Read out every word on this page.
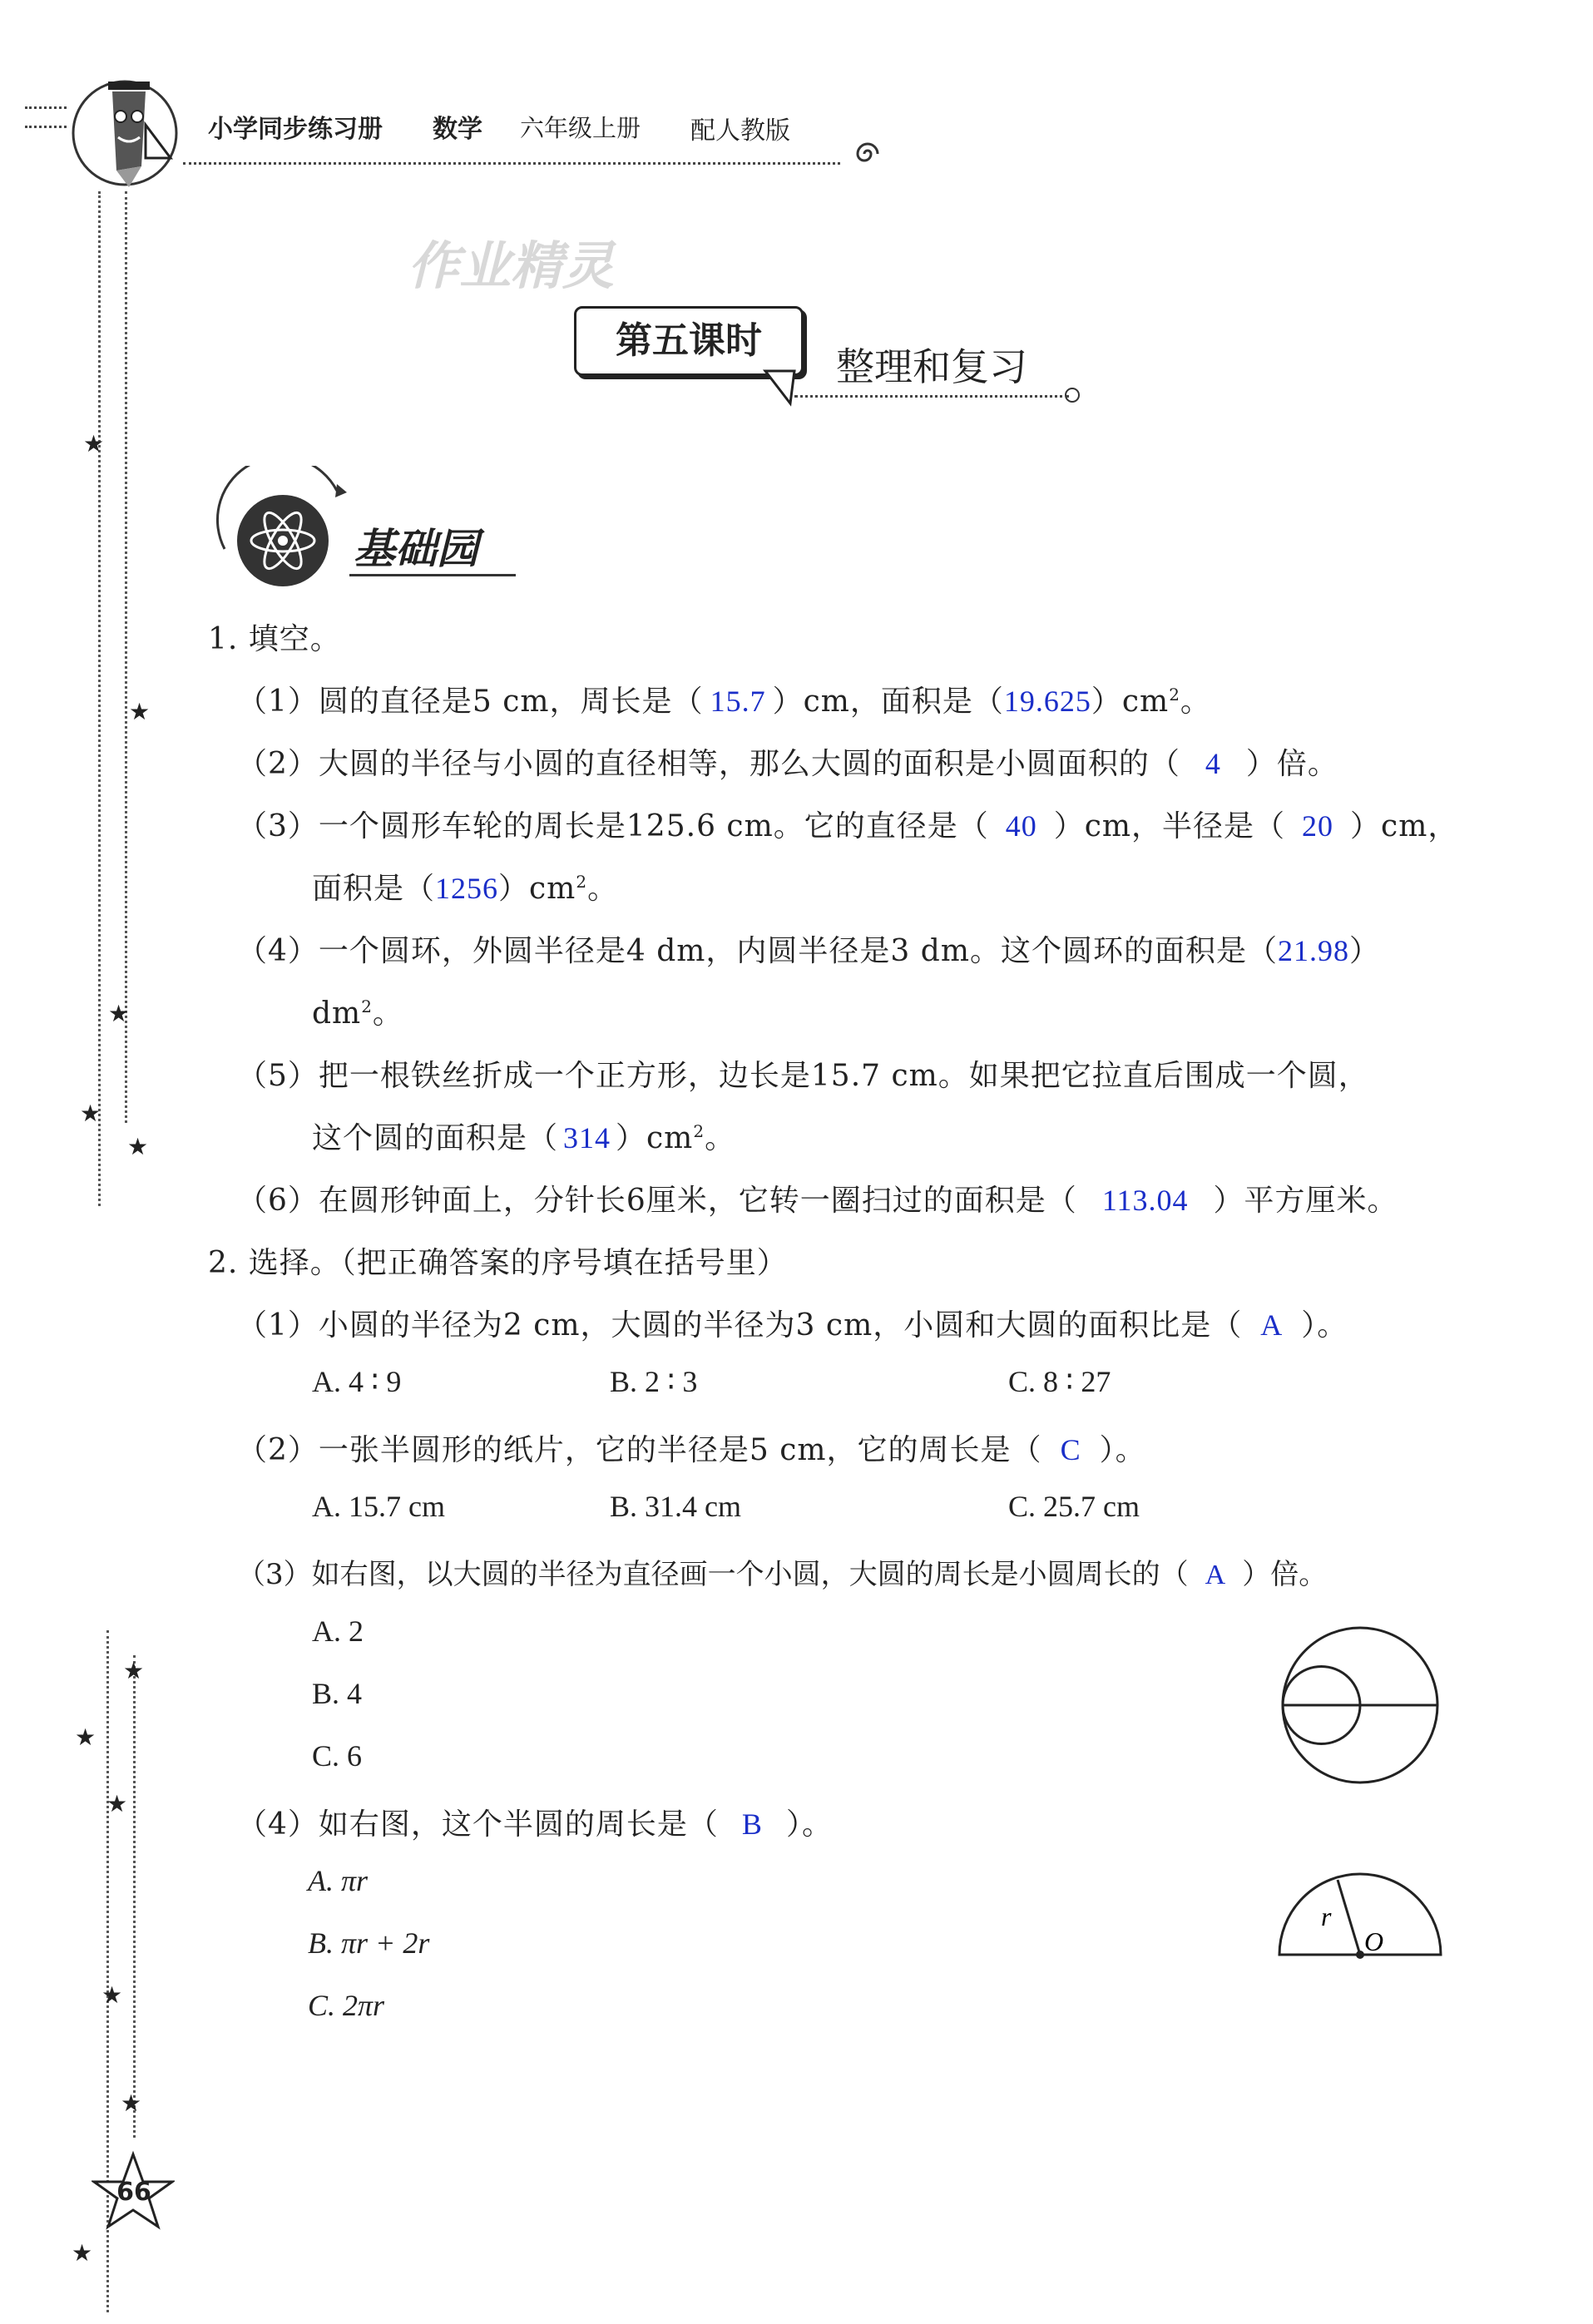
小学同步练习册 数学 六年级上册 配人教版
★
★
★
★
★
★
★
★
★
★
★
作业精灵
第五课时
整理和复习
基础园
1. 填空。
（1）圆的直径是5 cm，周长是（ 15.7 ）cm，面积是$(19.625)cm^2$。
（2）大圆的半径与小圆的直径相等，那么大圆的面积是小圆面积的（ 4 ）倍。
（3）一个圆形车轮的周长是125.6 cm。它的直径是（ 40 ）cm，半径是（ 20 ）cm，
面积是$(1256)cm^2$。
（4）一个圆环，外圆半径是4 dm，内圆半径是3 dm。这个圆环的面积是（21.98）
$dm^2$。
（5）把一根铁丝折成一个正方形，边长是15.7 cm。如果把它拉直后围成一个圆，
这个圆的面积是（ 314 ）$cm^2$。
（6）在圆形钟面上，分针长6厘米，它转一圈扫过的面积是（ 113.04 ）平方厘米。
2. 选择。（把正确答案的序号填在括号里）
（1）小圆的半径为2 cm，大圆的半径为3 cm，小圆和大圆的面积比是（ A ）。
A. 4 ∶ 9	B. 2 ∶ 3	C. 8 ∶ 27
（2）一张半圆形的纸片，它的半径是5 cm，它的周长是（ C ）。
A. 15.7 cm	B. 31.4 cm	C. 25.7 cm
（3）如右图，以大圆的半径为直径画一个小圆，大圆的周长是小圆周长的（ A ）倍。
A. 2
B. 4
C. 6
（4）如右图，这个半圆的周长是（ B ）。
A. πr
B. πr + 2r
C. 2πr
r
O
66
